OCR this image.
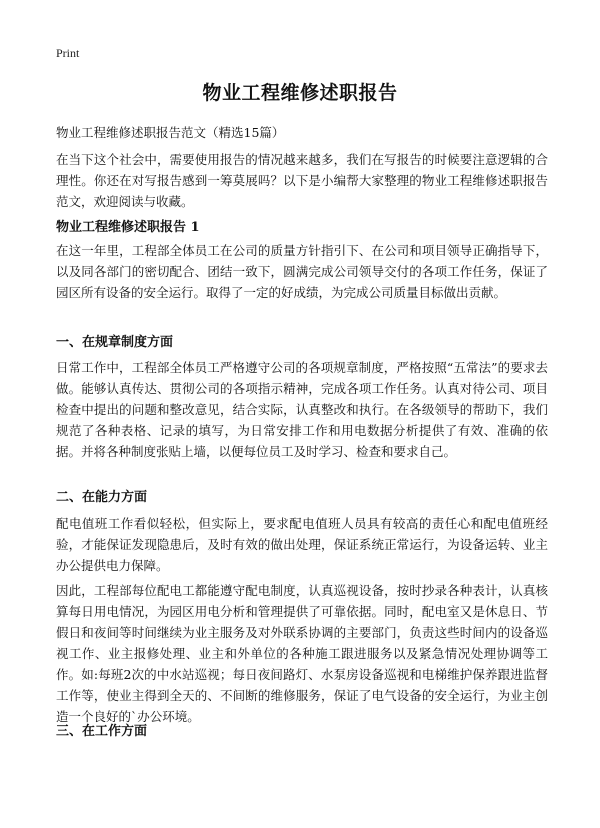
Print
物业工程维修述职报告
物业工程维修述职报告范文（精选15篇）

在当下这个社会中，需要使用报告的情况越来越多，我们在写报告的时候要注意逻辑的合理性。你还在对写报告感到一筹莫展吗？以下是小编帮大家整理的物业工程维修述职报告范文，欢迎阅读与收藏。

物业工程维修述职报告 1

在这一年里，工程部全体员工在公司的质量方针指引下、在公司和项目领导正确指导下，以及同各部门的密切配合、团结一致下，圆满完成公司领导交付的各项工作任务，保证了园区所有设备的安全运行。取得了一定的好成绩，为完成公司质量目标做出贡献。

一、在规章制度方面

日常工作中，工程部全体员工严格遵守公司的各项规章制度，严格按照“五常法”的要求去做。能够认真传达、贯彻公司的各项指示精神，完成各项工作任务。认真对待公司、项目检查中提出的问题和整改意见，结合实际，认真整改和执行。在各级领导的帮助下，我们规范了各种表格、记录的填写，为日常安排工作和用电数据分析提供了有效、准确的依据。并将各种制度张贴上墙，以便每位员工及时学习、检查和要求自己。

二、在能力方面

配电值班工作看似轻松，但实际上，要求配电值班人员具有较高的责任心和配电值班经验，才能保证发现隐患后，及时有效的做出处理，保证系统正常运行，为设备运转、业主办公提供电力保障。

因此，工程部每位配电工都能遵守配电制度，认真巡视设备，按时抄录各种表计，认真核算每日用电情况，为园区用电分析和管理提供了可靠依据。同时，配电室又是休息日、节假日和夜间等时间继续为业主服务及对外联系协调的主要部门，负责这些时间内的设备巡视工作、业主报修处理、业主和外单位的各种施工跟进服务以及紧急情况处理协调等工作。如:每班2次的中水站巡视；每日夜间路灯、水泵房设备巡视和电梯维护保养跟进监督工作等，使业主得到全天的、不间断的维修服务，保证了电气设备的安全运行，为业主创造一个良好的`办公环境。

三、在工作方面
